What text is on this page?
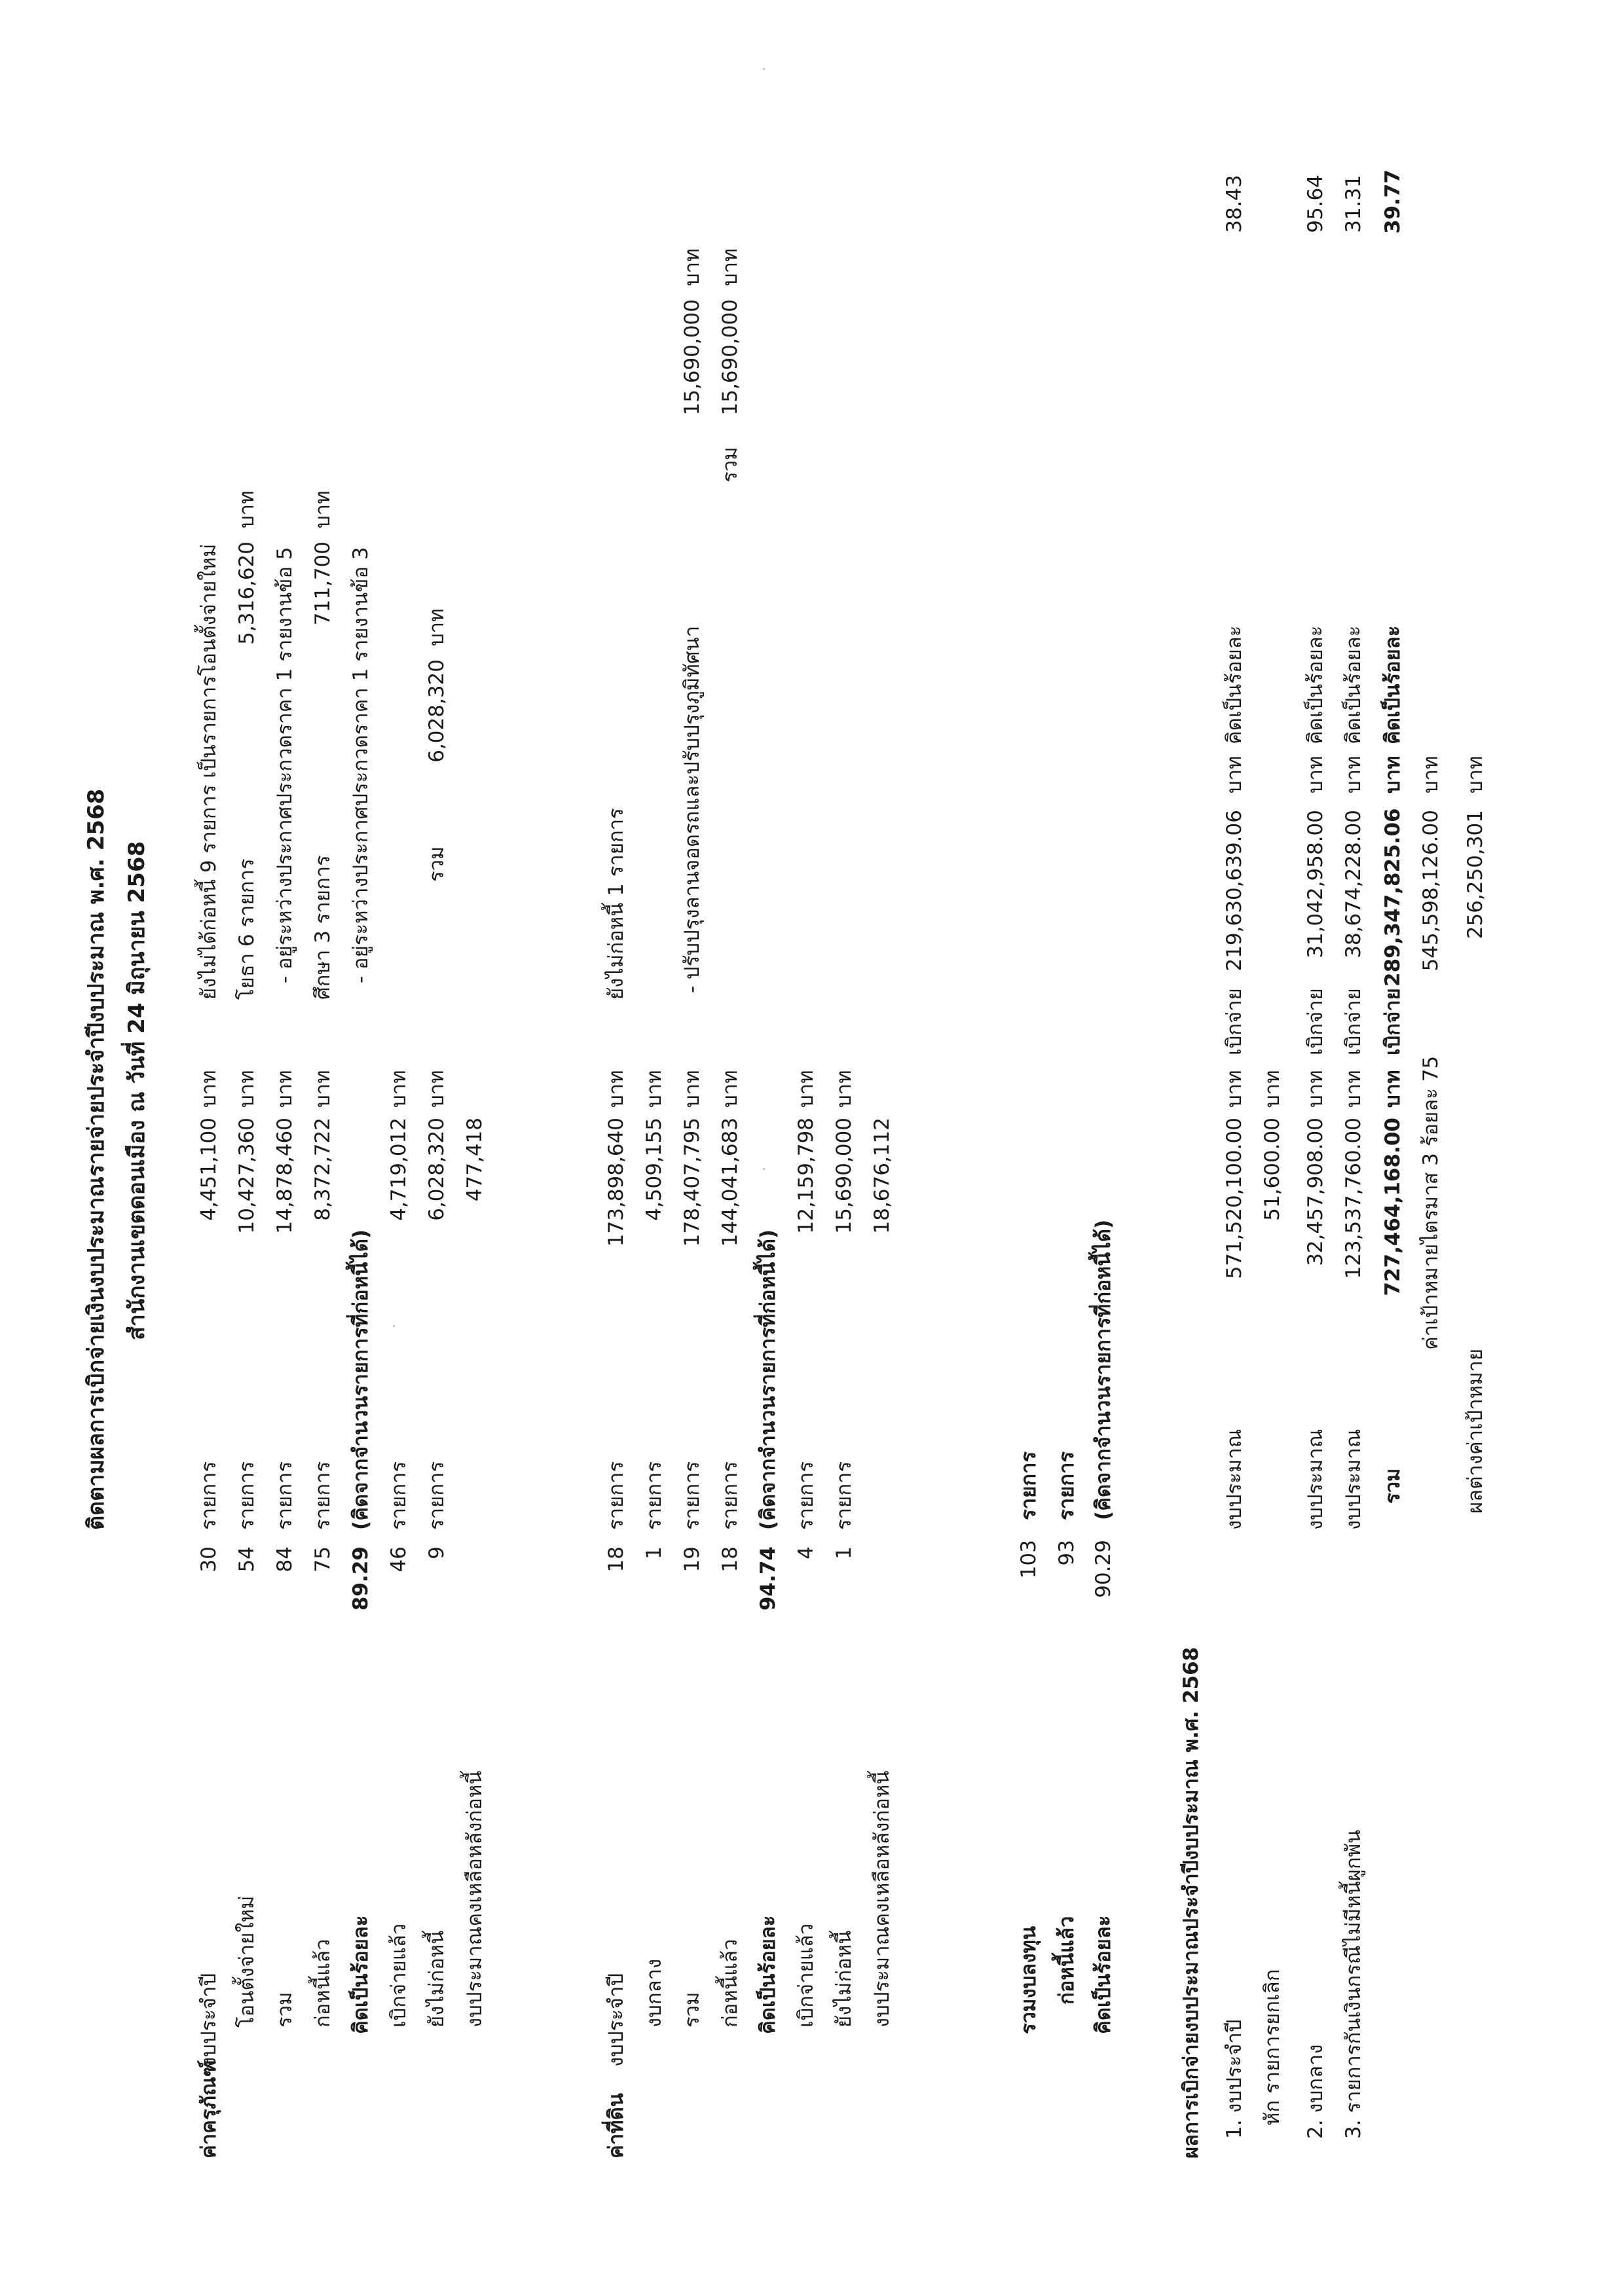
ติดตามผลการเบิกจ่ายเงินงบประมาณรายจ่ายประจำปีงบประมาณ พ.ศ. 2568 สำนักงานเขตดอนเมือง ณ วันที่ 24 มิถุนายน 2568
ค่าครุภัณฑ์
งบประจำปี
30
รายการ
4,451,100
บาท
โอนตั้งจ่ายใหม่
54
รายการ
10,427,360
บาท
รวม
84
รายการ
14,878,460
บาท
ก่อหนี้แล้ว
75
รายการ
8,372,722
บาท
คิดเป็นร้อยละ
89.29
(คิดจากจำนวนรายการที่ก่อหนี้ได้)
เบิกจ่ายแล้ว
46
รายการ
4,719,012
บาท
ยังไม่ก่อหนี้
9
รายการ
6,028,320
บาท
งบประมาณคงเหลือหลังก่อหนี้
477,418
ยังไม่ได้ก่อหนี้ 9 รายการ เป็นรายการโอนตั้งจ่ายใหม่ โยธา 6 รายการ
5,316,620
บาท
- อยู่ระหว่างประกาศประกวดราคา 1 รายงานข้อ 5 ศึกษา 3 รายการ
711,700
บาท
- อยู่ระหว่างประกาศประกวดราคา 1 รายงานข้อ 3	รวม
6,028,320
บาท
ค่าที่ดิน
งบประจำปี
18
รายการ
173,898,640
บาท
งบกลาง
1
รายการ
4,509,155
บาท
รวม
19
รายการ
178,407,795
บาท
ก่อหนี้แล้ว
18
รายการ
144,041,683
บาท
คิดเป็นร้อยละ
94.74
(คิดจากจำนวนรายการที่ก่อหนี้ได้)
เบิกจ่ายแล้ว
4
รายการ
12,159,798
บาท
ยังไม่ก่อหนี้
1
รายการ
15,690,000
บาท
งบประมาณคงเหลือหลังก่อหนี้
18,676,112
ยังไม่ก่อหนี้ 1 รายการ	- ปรับปรุงลานจอดรถและปรับปรุงภูมิทัศนา
15,690,000
บาท
รวม
15,690,000
บาท
รวมงบลงทุน
103
รายการ
ก่อหนี้แล้ว
93
รายการ
คิดเป็นร้อยละ
90.29
(คิดจากจำนวนรายการที่ก่อหนี้ได้)
ผลการเบิกจ่ายงบประมาณประจำปีงบประมาณ พ.ศ. 2568 1. งบประจำปี
งบประมาณ
571,520,100.00
บาท
เบิกจ่าย
219,630,639.06
บาท
คิดเป็นร้อยละ
38.43
หัก รายการยกเลิก
51,600.00
บาท
2. งบกลาง
งบประมาณ
32,457,908.00
บาท
เบิกจ่าย
31,042,958.00
บาท
คิดเป็นร้อยละ
95.64
3. รายการกันเงินกรณีไม่มีหนี้ผูกพัน
งบประมาณ
123,537,760.00
บาท
เบิกจ่าย
38,674,228.00
บาท
คิดเป็นร้อยละ
31.31
รวม
727,464,168.00
บาท
เบิกจ่าย
289,347,825.06
บาท
คิดเป็นร้อยละ
39.77
ค่าเป้าหมายไตรมาส 3 ร้อยละ 75
545,598,126.00
บาท
ผลต่างค่าเป้าหมาย
256,250,301
บาท
